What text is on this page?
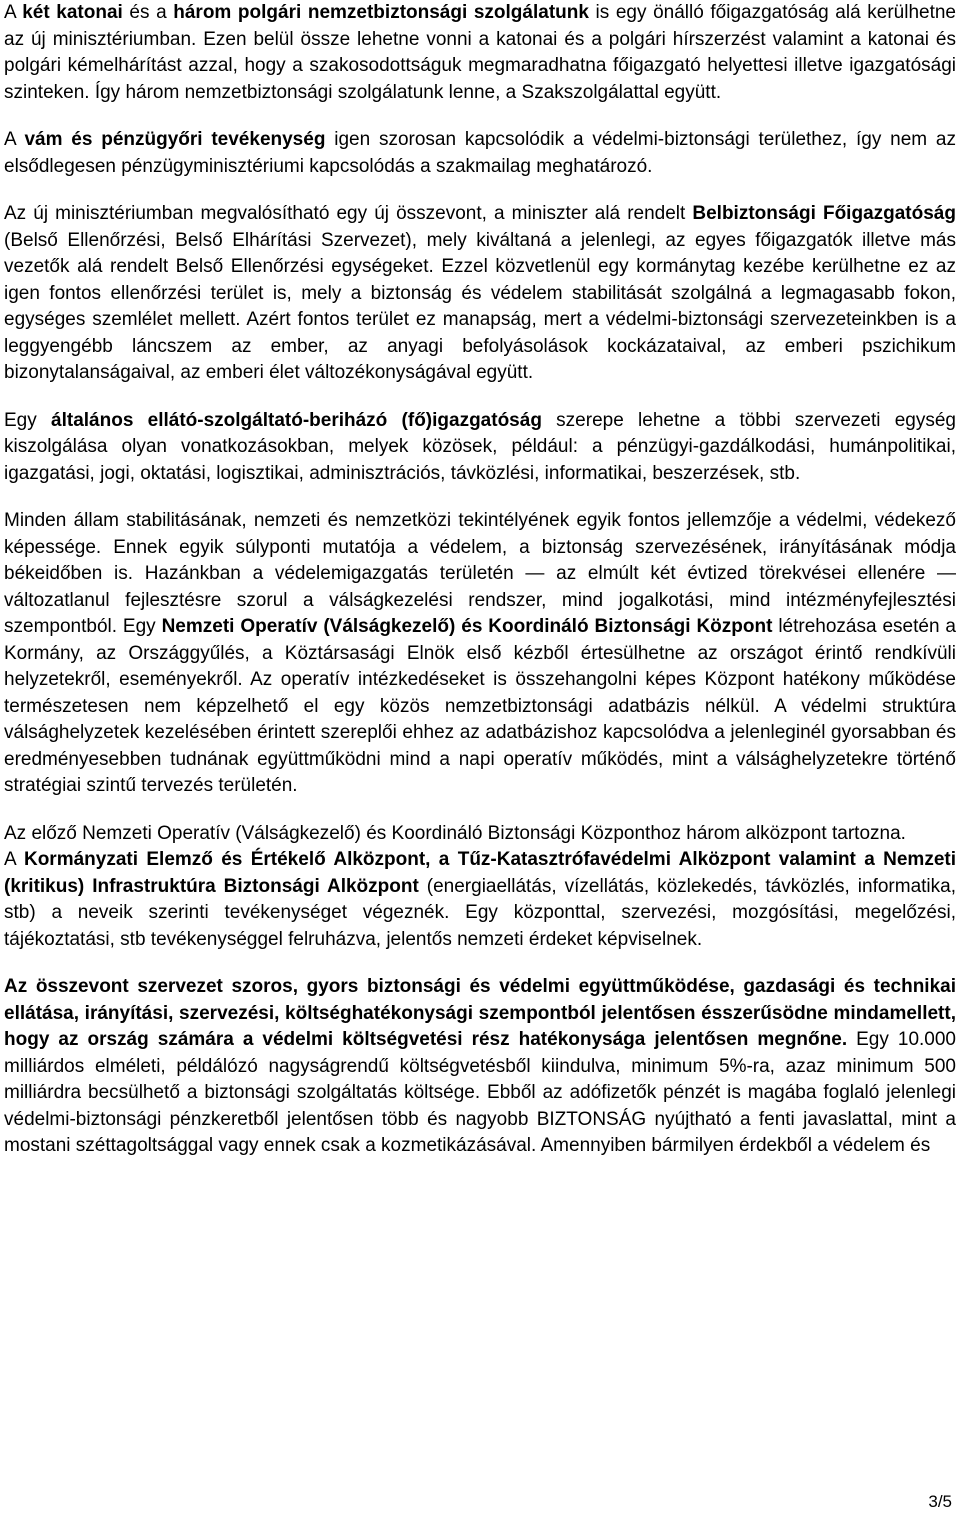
A két katonai és a három polgári nemzetbiztonsági szolgálatunk is egy önálló főigazgatóság alá kerülhetne az új minisztériumban. Ezen belül össze lehetne vonni a katonai és a polgári hírszerzést valamint a katonai és polgári kémelhárítást azzal, hogy a szakosodottságuk megmaradhatna főigazgató helyettesi illetve igazgatósági szinteken. Így három nemzetbiztonsági szolgálatunk lenne, a Szakszolgálattal együtt.

A vám és pénzügyőri tevékenység igen szorosan kapcsolódik a védelmi-biztonsági területhez, így nem az elsődlegesen pénzügyminisztériumi kapcsolódás a szakmailag meghatározó.

Az új minisztériumban megvalósítható egy új összevont, a miniszter alá rendelt Belbiztonsági Főigazgatóság (Belső Ellenőrzési, Belső Elhárítási Szervezet), mely kiváltaná a jelenlegi, az egyes főigazgatók illetve más vezetők alá rendelt Belső Ellenőrzési egységeket. Ezzel közvetlenül egy kormánytag kezébe kerülhetne ez az igen fontos ellenőrzési terület is, mely a biztonság és védelem stabilitását szolgálná a legmagasabb fokon, egységes szemlélet mellett. Azért fontos terület ez manapság, mert a védelmi-biztonsági szervezeteinkben is a leggyengébb láncszem az ember, az anyagi befolyásolások kockázataival, az emberi pszichikum bizonytalanságaival, az emberi élet változékonyságával együtt.

Egy általános ellátó-szolgáltató-beriházó (fő)igazgatóság szerepe lehetne a többi szervezeti egység kiszolgálása olyan vonatkozásokban, melyek közösek, például: a pénzügyi-gazdálkodási, humánpolitikai, igazgatási, jogi, oktatási, logisztikai, adminisztrációs, távközlési, informatikai, beszerzések, stb.

Minden állam stabilitásának, nemzeti és nemzetközi tekintélyének egyik fontos jellemzője a védelmi, védekező képessége. Ennek egyik súlyponti mutatója a védelem, a biztonság szervezésének, irányításának módja békeidőben is. Hazánkban a védelemigazgatás területén — az elmúlt két évtized törekvései ellenére — változatlanul fejlesztésre szorul a válságkezelési rendszer, mind jogalkotási, mind intézményfejlesztési szempontból. Egy Nemzeti Operatív (Válságkezelő) és Koordináló Biztonsági Központ létrehozása esetén a Kormány, az Országgyűlés, a Köztársasági Elnök első kézből értesülhetne az országot érintő rendkívüli helyzetekről, eseményekről. Az operatív intézkedéseket is összehangolni képes Központ hatékony működése természetesen nem képzelhető el egy közös nemzetbiztonsági adatbázis nélkül. A védelmi struktúra válsághelyzetek kezelésében érintett szereplői ehhez az adatbázishoz kapcsolódva a jelenleginél gyorsabban és eredményesebben tudnának együttműködni mind a napi operatív működés, mint a válsághelyzetekre történő stratégiai szintű tervezés területén.

Az előző Nemzeti Operatív (Válságkezelő) és Koordináló Biztonsági Központhoz három alközpont tartozna.

A Kormányzati Elemző és Értékelő Alközpont, a Tűz-Katasztrófavédelmi Alközpont valamint a Nemzeti (kritikus) Infrastruktúra Biztonsági Alközpont (energiaellátás, vízellátás, közlekedés, távközlés, informatika, stb) a neveik szerinti tevékenységet végeznék. Egy központtal, szervezési, mozgósítási, megelőzési, tájékoztatási, stb tevékenységgel felruházva, jelentős nemzeti érdeket képviselnek.

Az összevont szervezet szoros, gyors biztonsági és védelmi együttműködése, gazdasági és technikai ellátása, irányítási, szervezési, költséghatékonysági szempontból jelentősen ésszerűsödne mindamellett, hogy az ország számára a védelmi költségvetési rész hatékonysága jelentősen megnőne. Egy 10.000 milliárdos elméleti, példálózó nagyságrendű költségvetésből kiindulva, minimum 5%-ra, azaz minimum 500 milliárdra becsülhető a biztonsági szolgáltatás költsége. Ebből az adófizetők pénzét is magába foglaló jelenlegi védelmi-biztonsági pénzkeretből jelentősen több és nagyobb BIZTONSÁG nyújtható a fenti javaslattal, mint a mostani széttagoltsággal vagy ennek csak a kozmetikázásával. Amennyiben bármilyen érdekből a védelem és

3/5
